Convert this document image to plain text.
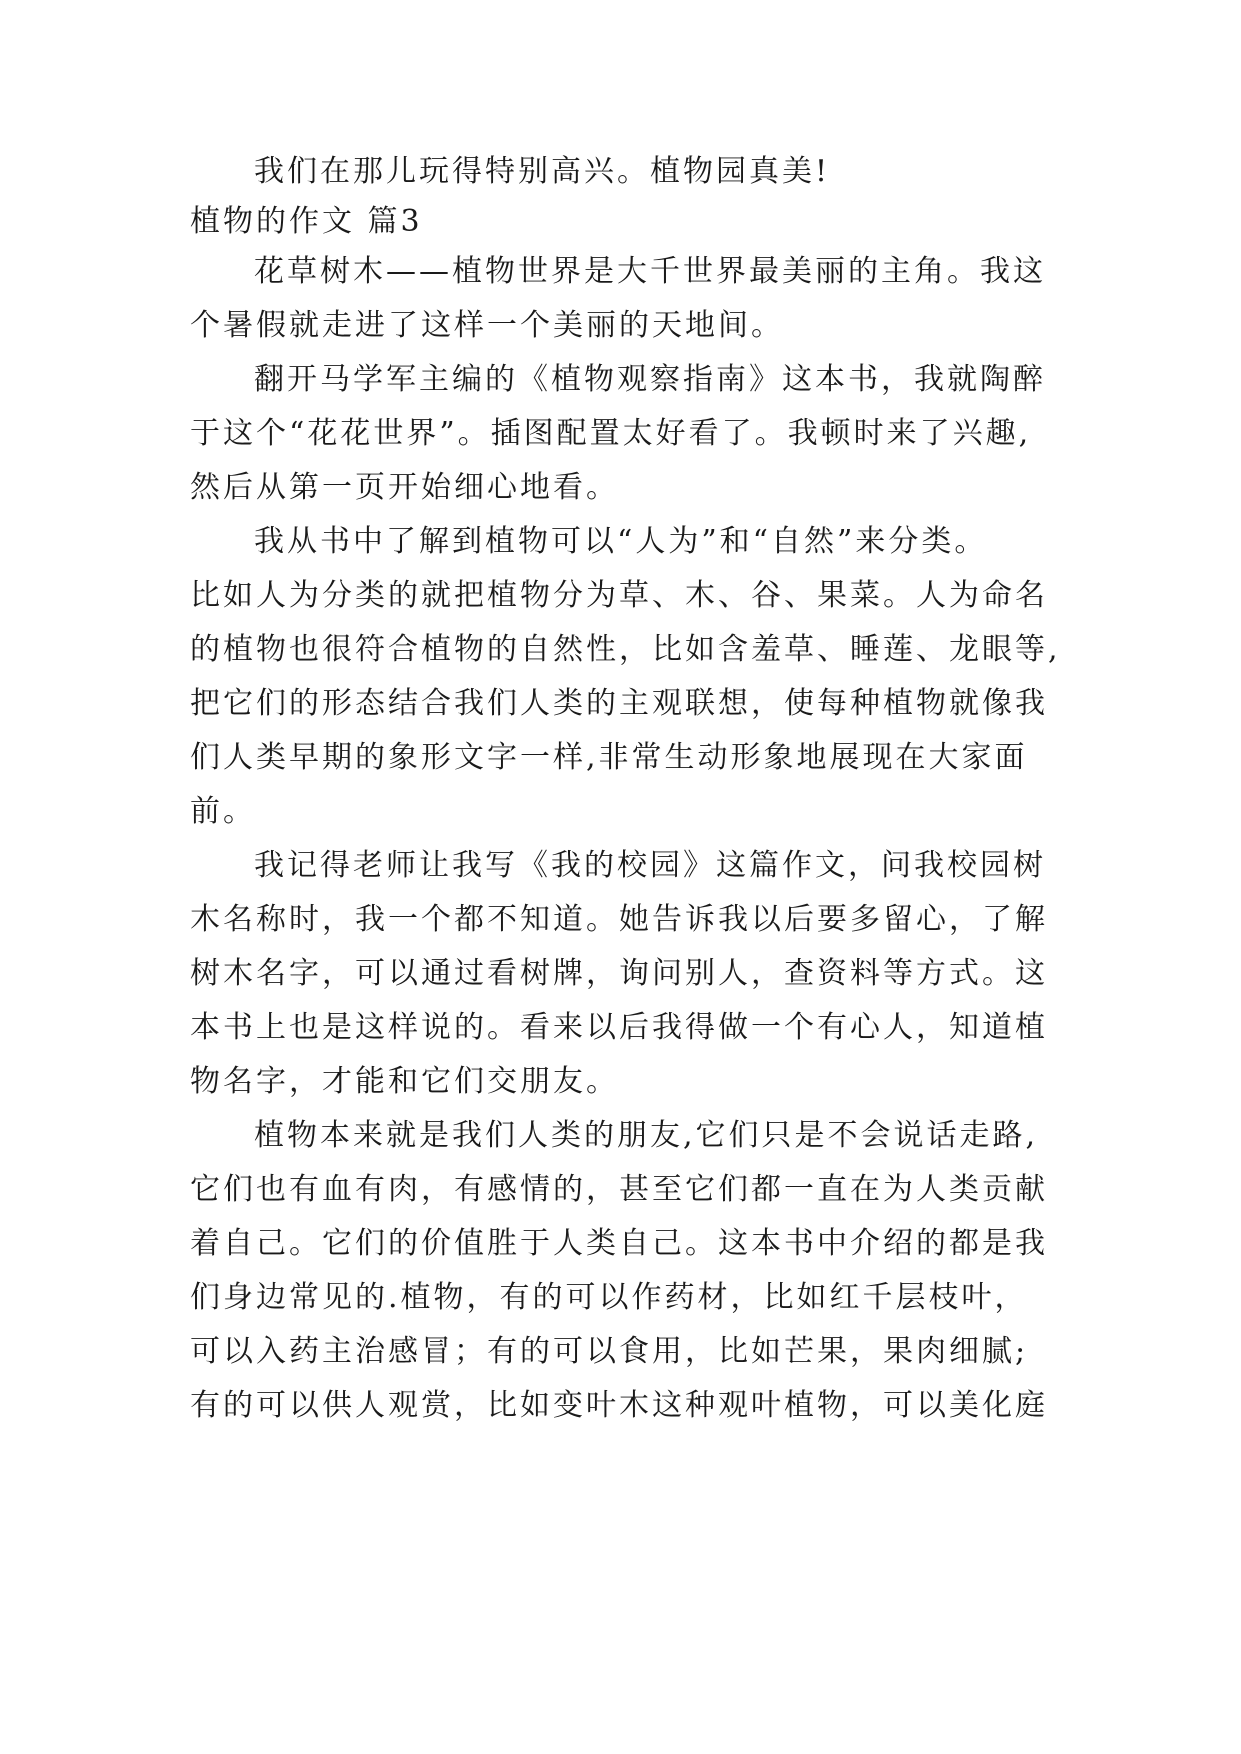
我们在那儿玩得特别高兴。植物园真美!
植物的作文 篇3
花草树木——植物世界是大千世界最美丽的主角。我这
个暑假就走进了这样一个美丽的天地间。
翻开马学军主编的《植物观察指南》这本书，我就陶醉
于这个“花花世界”。插图配置太好看了。我顿时来了兴趣,
然后从第一页开始细心地看。
我从书中了解到植物可以“人为”和“自然”来分类。
比如人为分类的就把植物分为草、木、谷、果菜。人为命名
的植物也很符合植物的自然性，比如含羞草、睡莲、龙眼等,
把它们的形态结合我们人类的主观联想，使每种植物就像我
们人类早期的象形文字一样,非常生动形象地展现在大家面
前。
我记得老师让我写《我的校园》这篇作文，问我校园树
木名称时，我一个都不知道。她告诉我以后要多留心，了解
树木名字，可以通过看树牌，询问别人，查资料等方式。这
本书上也是这样说的。看来以后我得做一个有心人，知道植
物名字，才能和它们交朋友。
植物本来就是我们人类的朋友,它们只是不会说话走路,
它们也有血有肉，有感情的，甚至它们都一直在为人类贡献
着自己。它们的价值胜于人类自己。这本书中介绍的都是我
们身边常见的.植物，有的可以作药材，比如红千层枝叶，
可以入药主治感冒；有的可以食用，比如芒果，果肉细腻;
有的可以供人观赏，比如变叶木这种观叶植物，可以美化庭
